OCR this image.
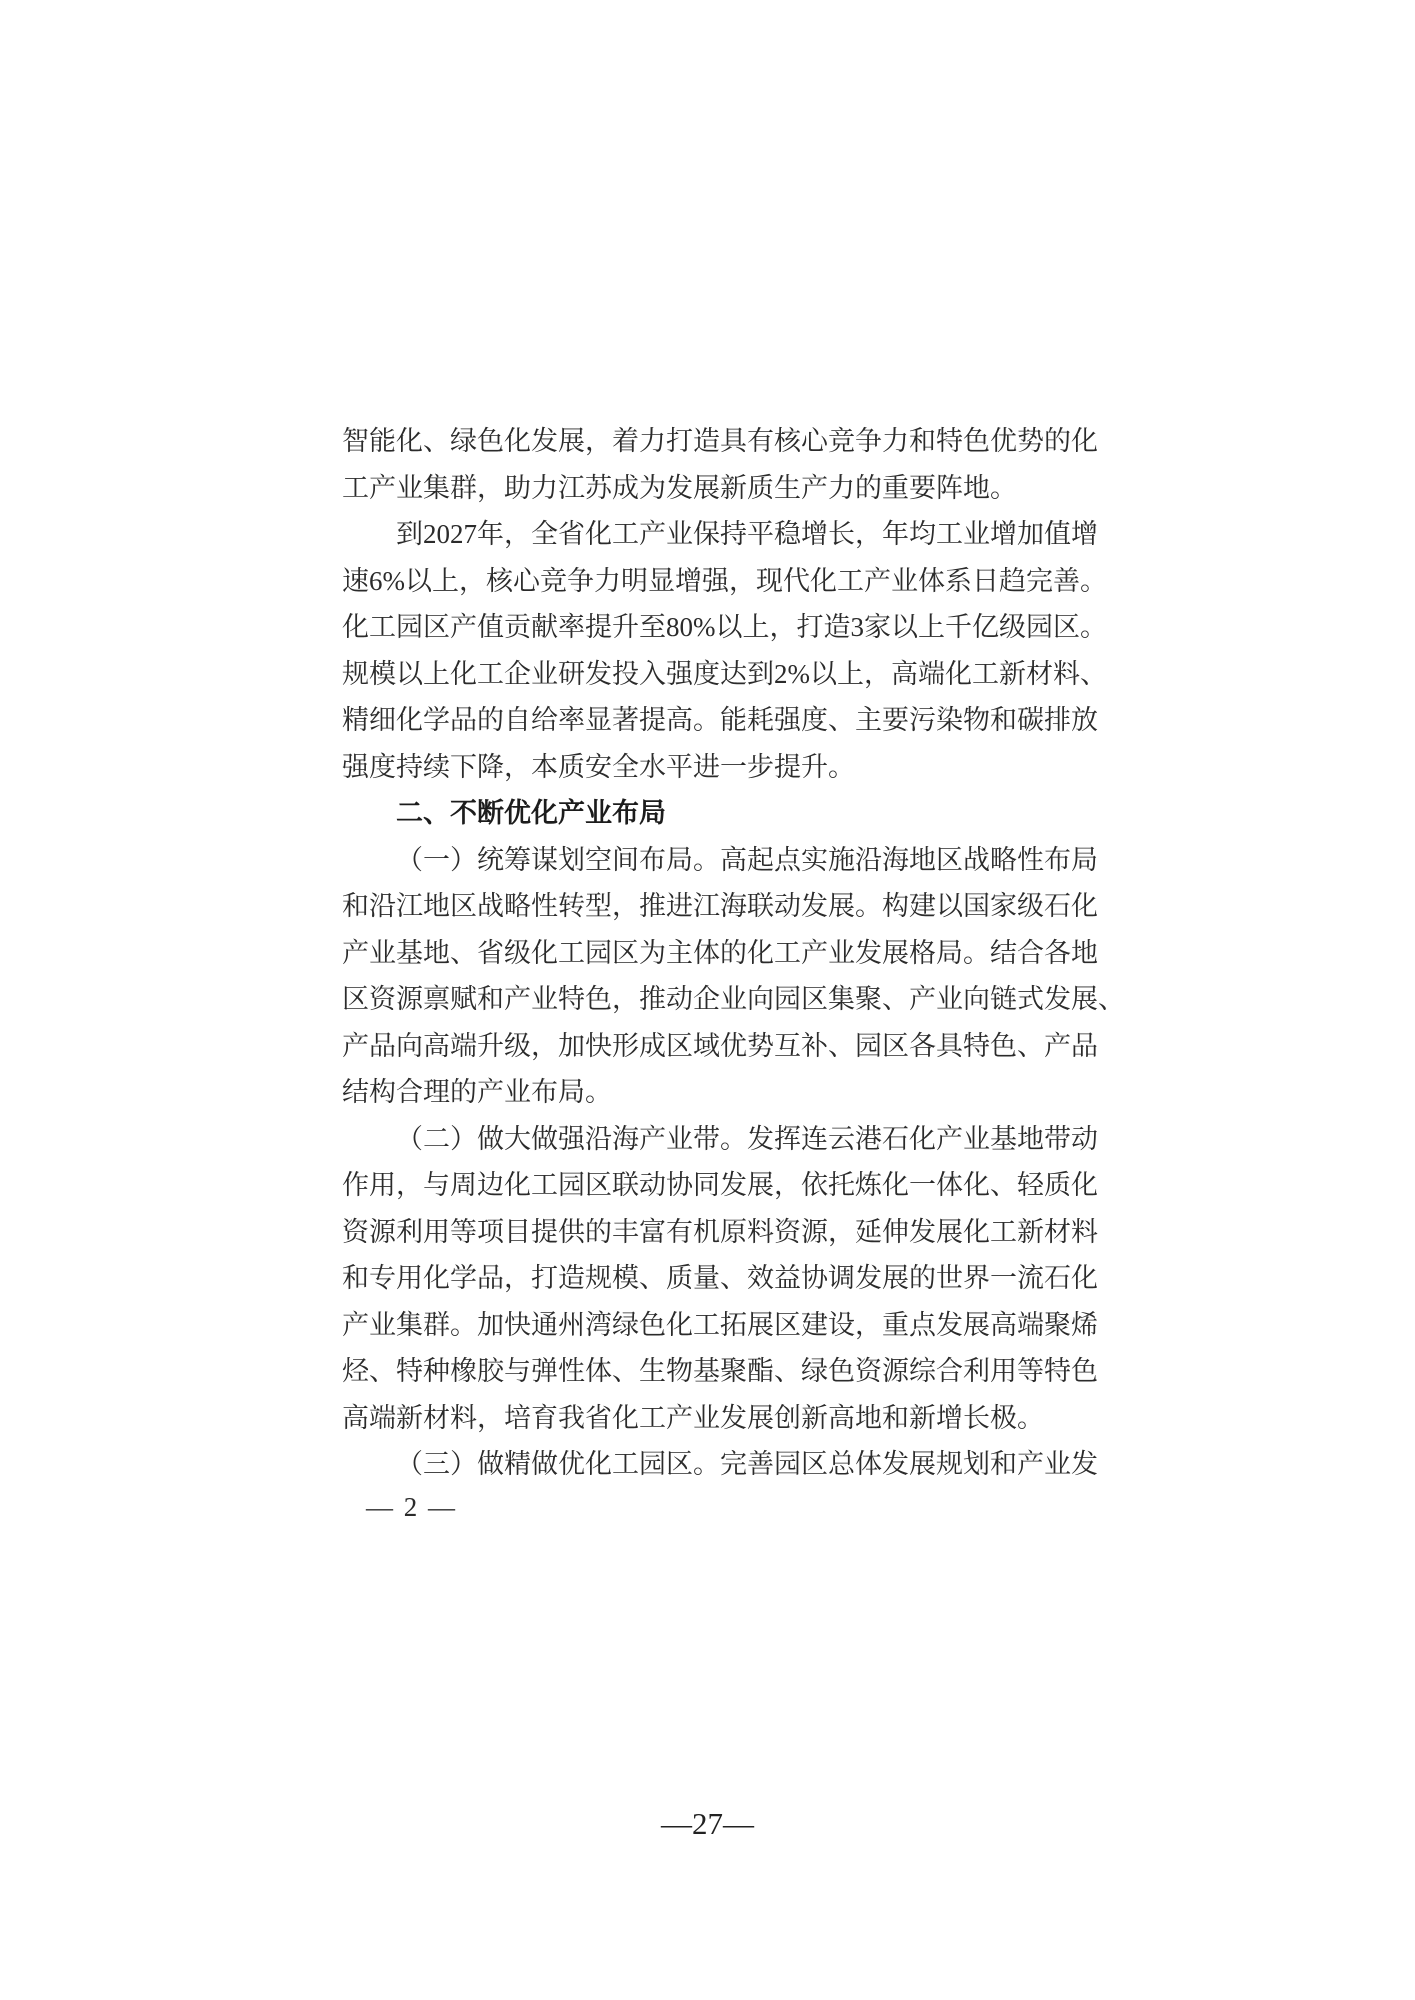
智能化、绿色化发展，着力打造具有核心竞争力和特色优势的化
工产业集群，助力江苏成为发展新质生产力的重要阵地。
到2027年，全省化工产业保持平稳增长，年均工业增加值增
速6%以上，核心竞争力明显增强，现代化工产业体系日趋完善。
化工园区产值贡献率提升至80%以上，打造3家以上千亿级园区。
规模以上化工企业研发投入强度达到2%以上，高端化工新材料、
精细化学品的自给率显著提高。能耗强度、主要污染物和碳排放
强度持续下降，本质安全水平进一步提升。
二、不断优化产业布局
（一）统筹谋划空间布局。高起点实施沿海地区战略性布局
和沿江地区战略性转型，推进江海联动发展。构建以国家级石化
产业基地、省级化工园区为主体的化工产业发展格局。结合各地
区资源禀赋和产业特色，推动企业向园区集聚、产业向链式发展、
产品向高端升级，加快形成区域优势互补、园区各具特色、产品
结构合理的产业布局。
（二）做大做强沿海产业带。发挥连云港石化产业基地带动
作用，与周边化工园区联动协同发展，依托炼化一体化、轻质化
资源利用等项目提供的丰富有机原料资源，延伸发展化工新材料
和专用化学品，打造规模、质量、效益协调发展的世界一流石化
产业集群。加快通州湾绿色化工拓展区建设，重点发展高端聚烯
烃、特种橡胶与弹性体、生物基聚酯、绿色资源综合利用等特色
高端新材料，培育我省化工产业发展创新高地和新增长极。
（三）做精做优化工园区。完善园区总体发展规划和产业发
— 2 —
—27—
